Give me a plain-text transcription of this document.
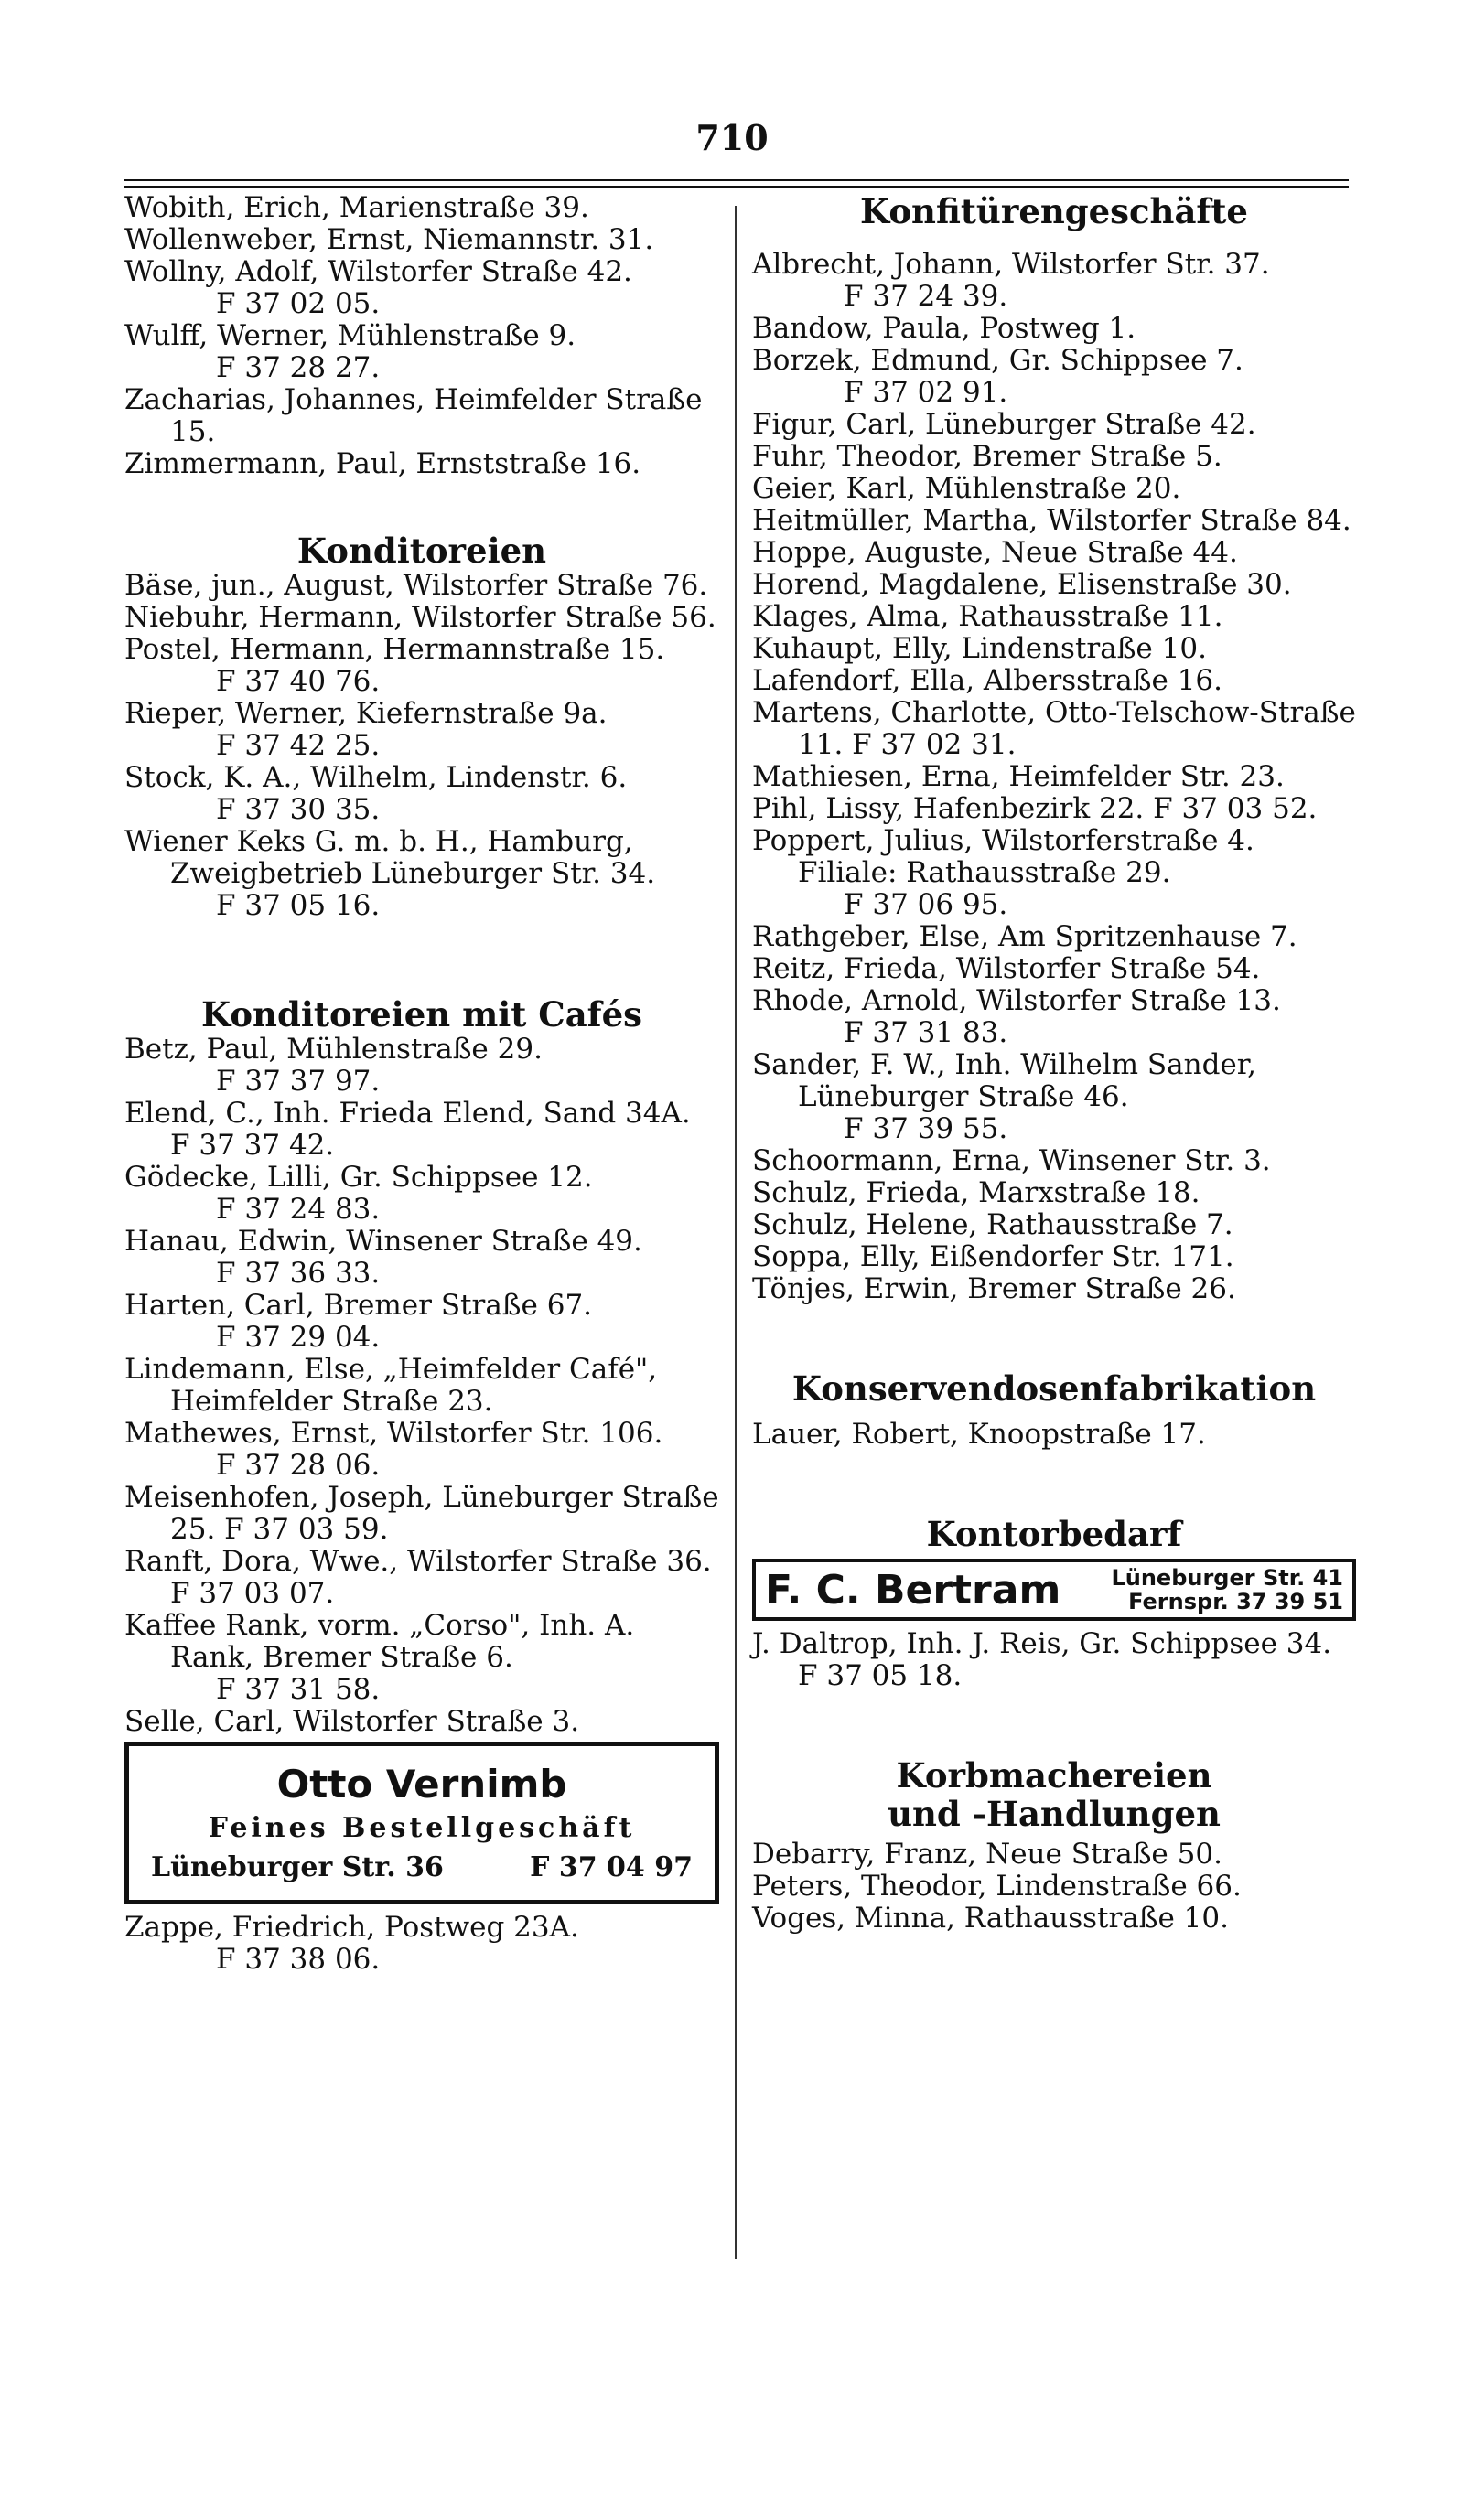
710
Wobith, Erich, Marienstraße 39.
Wollenweber, Ernst, Niemannstr. 31.
Wollny, Adolf, Wilstorfer Straße 42.
F 37 02 05.
Wulff, Werner, Mühlenstraße 9.
F 37 28 27.
Zacharias, Johannes, Heimfelder Straße 15.
Zimmermann, Paul, Ernststraße 16.
Konditoreien
Bäse, jun., August, Wilstorfer Straße 76.
Niebuhr, Hermann, Wilstorfer Straße 56.
Postel, Hermann, Hermannstraße 15.
F 37 40 76.
Rieper, Werner, Kiefernstraße 9a.
F 37 42 25.
Stock, K. A., Wilhelm, Lindenstr. 6.
F 37 30 35.
Wiener Keks G. m. b. H., Hamburg, Zweigbetrieb Lüneburger Str. 34.
F 37 05 16.
Konditoreien mit Cafés
Betz, Paul, Mühlenstraße 29.
F 37 37 97.
Elend, C., Inh. Frieda Elend, Sand 34A. F 37 37 42.
Gödecke, Lilli, Gr. Schippsee 12.
F 37 24 83.
Hanau, Edwin, Winsener Straße 49.
F 37 36 33.
Harten, Carl, Bremer Straße 67.
F 37 29 04.
Lindemann, Else, „Heimfelder Café", Heimfelder Straße 23.
Mathewes, Ernst, Wilstorfer Str. 106.
F 37 28 06.
Meisenhofen, Joseph, Lüneburger Straße 25. F 37 03 59.
Ranft, Dora, Wwe., Wilstorfer Straße 36. F 37 03 07.
Kaffee Rank, vorm. „Corso", Inh. A. Rank, Bremer Straße 6.
F 37 31 58.
Selle, Carl, Wilstorfer Straße 3.
Otto Vernimb
Feines Bestellgeschäft
Lüneburger Str. 36	F 37 04 97
Zappe, Friedrich, Postweg 23A.
F 37 38 06.
Konfitürengeschäfte
Albrecht, Johann, Wilstorfer Str. 37.
F 37 24 39.
Bandow, Paula, Postweg 1.
Borzek, Edmund, Gr. Schippsee 7.
F 37 02 91.
Figur, Carl, Lüneburger Straße 42.
Fuhr, Theodor, Bremer Straße 5.
Geier, Karl, Mühlenstraße 20.
Heitmüller, Martha, Wilstorfer Straße 84.
Hoppe, Auguste, Neue Straße 44.
Horend, Magdalene, Elisenstraße 30.
Klages, Alma, Rathausstraße 11.
Kuhaupt, Elly, Lindenstraße 10.
Lafendorf, Ella, Albersstraße 16.
Martens, Charlotte, Otto-Telschow-Straße 11. F 37 02 31.
Mathiesen, Erna, Heimfelder Str. 23.
Pihl, Lissy, Hafenbezirk 22. F 37 03 52.
Poppert, Julius, Wilstorferstraße 4. Filiale: Rathausstraße 29.
F 37 06 95.
Rathgeber, Else, Am Spritzenhause 7.
Reitz, Frieda, Wilstorfer Straße 54.
Rhode, Arnold, Wilstorfer Straße 13.
F 37 31 83.
Sander, F. W., Inh. Wilhelm Sander, Lüneburger Straße 46.
F 37 39 55.
Schoormann, Erna, Winsener Str. 3.
Schulz, Frieda, Marxstraße 18.
Schulz, Helene, Rathausstraße 7.
Soppa, Elly, Eißendorfer Str. 171.
Tönjes, Erwin, Bremer Straße 26.
Konservendosenfabrikation
Lauer, Robert, Knoopstraße 17.
Kontorbedarf
F. C. Bertram Lüneburger Str. 41
Fernspr. 37 39 51
J. Daltrop, Inh. J. Reis, Gr. Schippsee 34. F 37 05 18.
Korbmachereien
und -Handlungen
Debarry, Franz, Neue Straße 50.
Peters, Theodor, Lindenstraße 66.
Voges, Minna, Rathausstraße 10.
